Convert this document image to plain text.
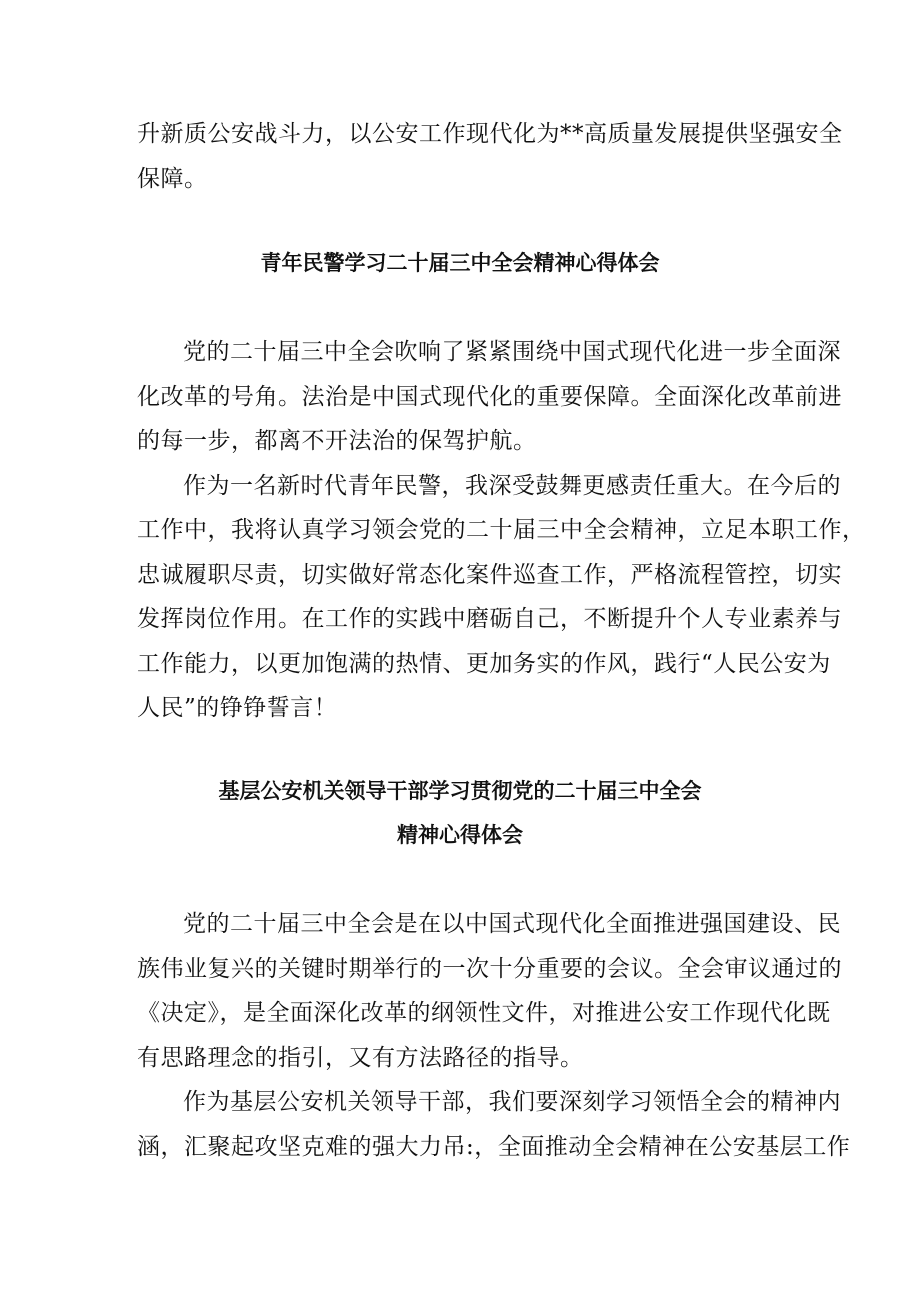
升新质公安战斗力，以公安工作现代化为**高质量发展提供坚强安全
保障。
青年民警学习二十届三中全会精神心得体会
党的二十届三中全会吹响了紧紧围绕中国式现代化进一步全面深
化改革的号角。法治是中国式现代化的重要保障。全面深化改革前进
的每一步，都离不开法治的保驾护航。
作为一名新时代青年民警，我深受鼓舞更感责任重大。在今后的
工作中，我将认真学习领会党的二十届三中全会精神，立足本职工作，
忠诚履职尽责，切实做好常态化案件巡查工作，严格流程管控，切实
发挥岗位作用。在工作的实践中磨砺自己，不断提升个人专业素养与
工作能力，以更加饱满的热情、更加务实的作风，践行“人民公安为
人民”的铮铮誓言！
基层公安机关领导干部学习贯彻党的二十届三中全会
精神心得体会
党的二十届三中全会是在以中国式现代化全面推进强国建设、民
族伟业复兴的关键时期举行的一次十分重要的会议。全会审议通过的
《决定》，是全面深化改革的纲领性文件，对推进公安工作现代化既
有思路理念的指引，又有方法路径的指导。
作为基层公安机关领导干部，我们要深刻学习领悟全会的精神内
涵，汇聚起攻坚克难的强大力吊:，全面推动全会精神在公安基层工作
